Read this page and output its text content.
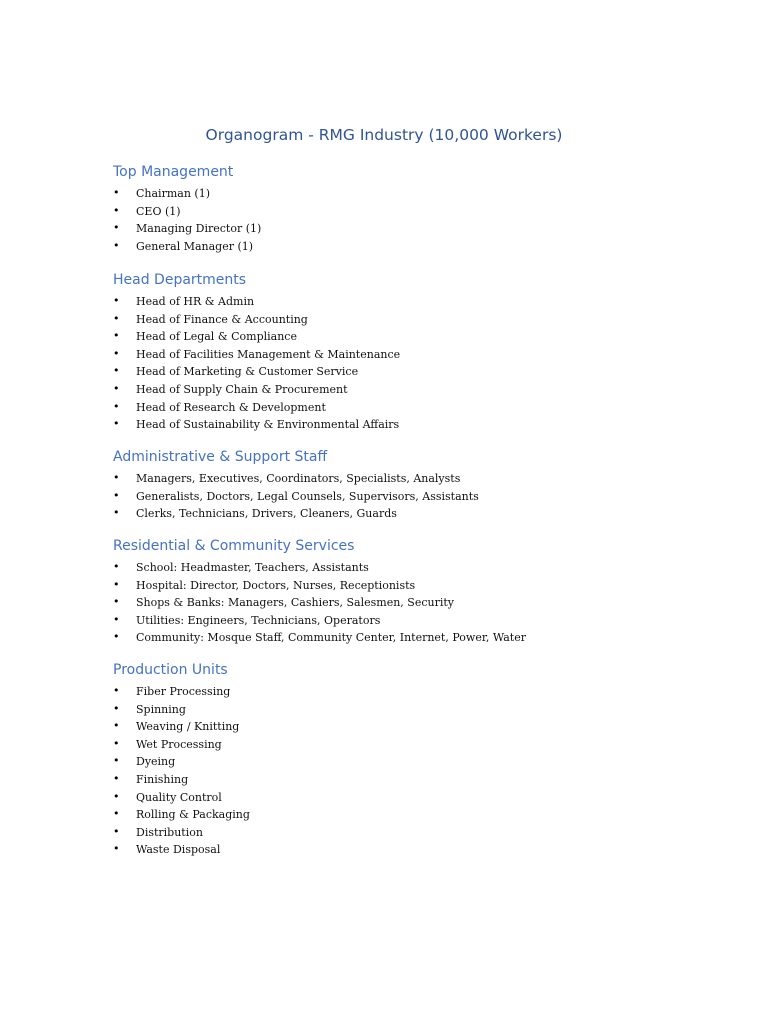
Organogram - RMG Industry (10,000 Workers)
Top Management
• Chairman (1)
• CEO (1)
• Managing Director (1)
• General Manager (1)
Head Departments
• Head of HR & Admin
• Head of Finance & Accounting
• Head of Legal & Compliance
• Head of Facilities Management & Maintenance
• Head of Marketing & Customer Service
• Head of Supply Chain & Procurement
• Head of Research & Development
• Head of Sustainability & Environmental Affairs
Administrative & Support Staff
• Managers, Executives, Coordinators, Specialists, Analysts
• Generalists, Doctors, Legal Counsels, Supervisors, Assistants
• Clerks, Technicians, Drivers, Cleaners, Guards
Residential & Community Services
• School: Headmaster, Teachers, Assistants
• Hospital: Director, Doctors, Nurses, Receptionists
• Shops & Banks: Managers, Cashiers, Salesmen, Security
• Utilities: Engineers, Technicians, Operators
• Community: Mosque Staff, Community Center, Internet, Power, Water
Production Units
• Fiber Processing
• Spinning
• Weaving / Knitting
• Wet Processing
• Dyeing
• Finishing
• Quality Control
• Rolling & Packaging
• Distribution
• Waste Disposal
